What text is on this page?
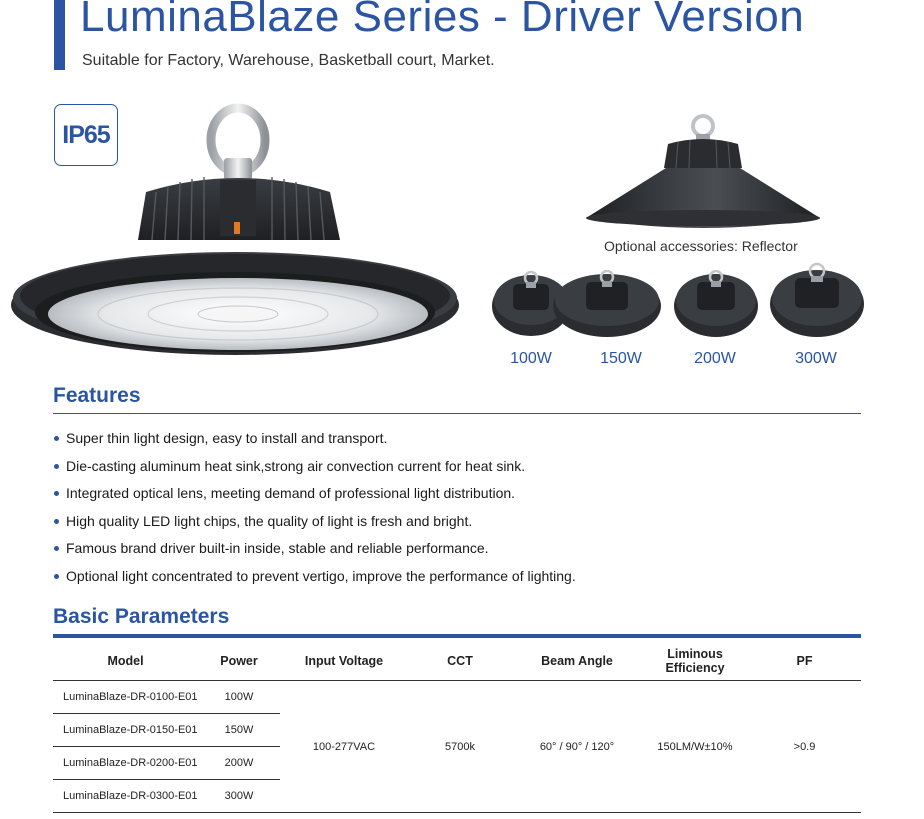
LuminaBlaze Series - Driver Version
Suitable for Factory, Warehouse, Basketball court, Market.
IP65
Optional accessories: Reflector
100W	150W	200W	300W
Features
Super thin light design, easy to install and transport.
Die-casting aluminum heat sink,strong air convection current for heat sink.
Integrated optical lens, meeting demand of professional light distribution.
High quality LED light chips, the quality of light is fresh and bright.
Famous brand driver built-in inside, stable and reliable performance.
Optional light concentrated to prevent vertigo, improve the performance of lighting.
Basic Parameters
Model	Power	Input Voltage	CCT	Beam Angle	Liminous Efficiency	PF
LuminaBlaze-DR-0100-E01	100W	100-277VAC	5700k	60° / 90° / 120°	150LM/W±10%	>0.9
LuminaBlaze-DR-0150-E01	150W					
LuminaBlaze-DR-0200-E01	200W					
LuminaBlaze-DR-0300-E01	300W					
